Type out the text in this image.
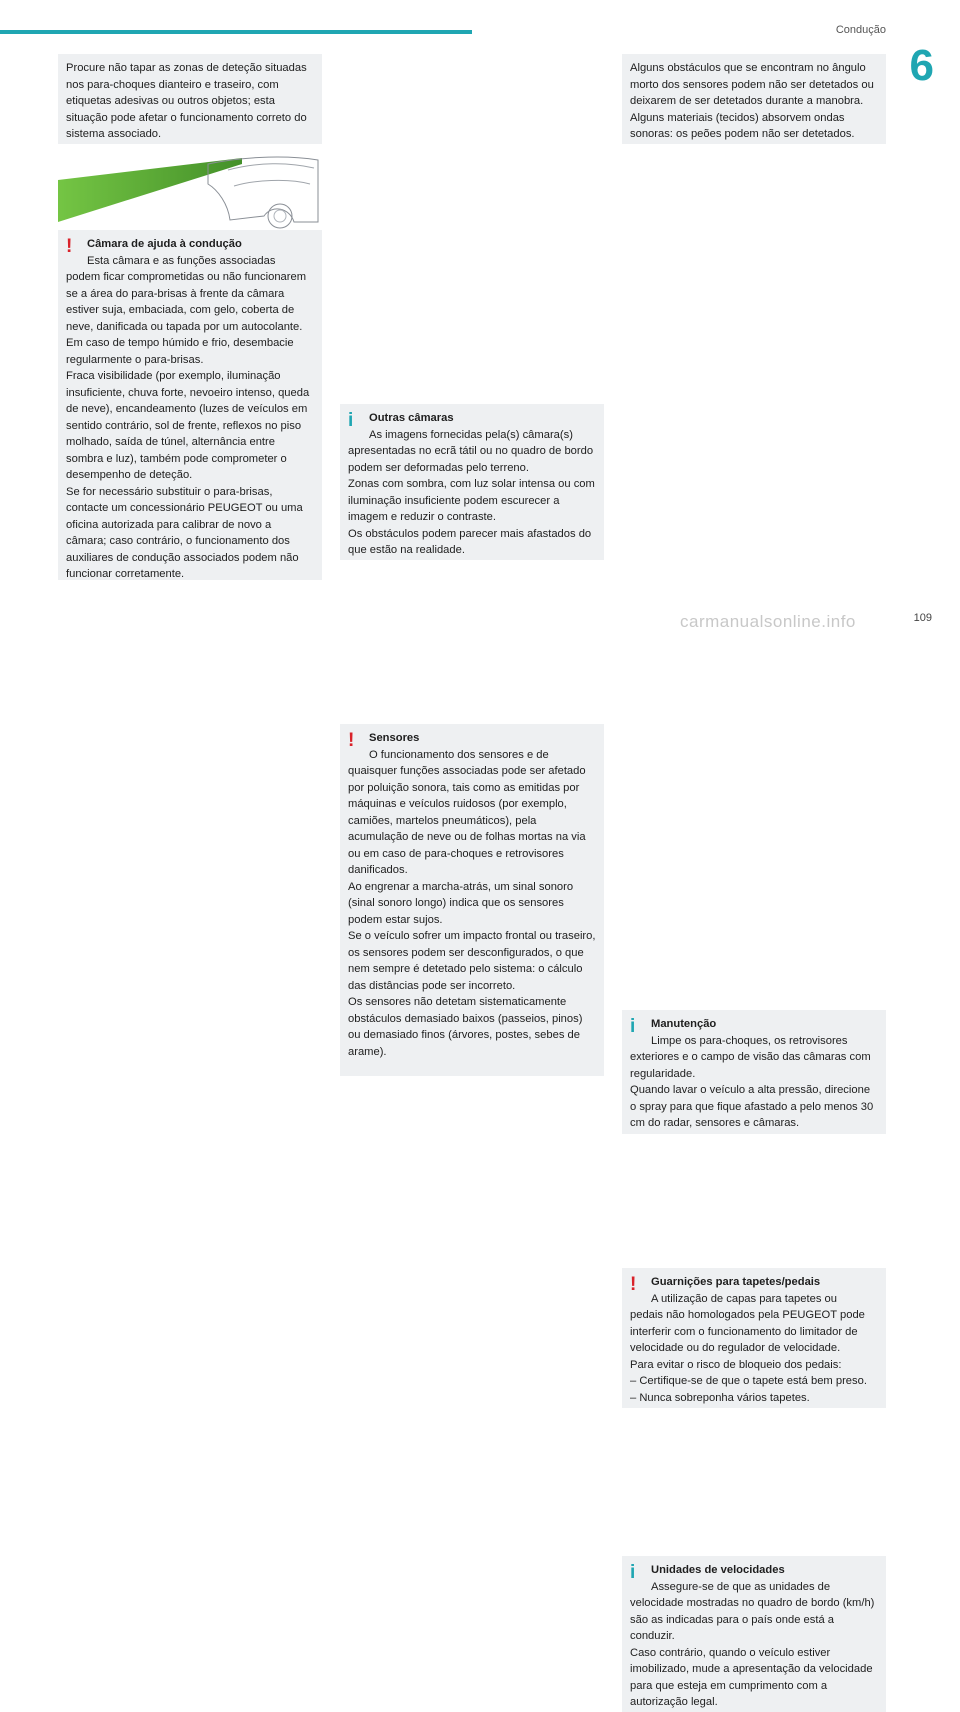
Condução
6

Procure não tapar as zonas de deteção situadas nos para-choques dianteiro e traseiro, com etiquetas adesivas ou outros objetos; esta situação pode afetar o funcionamento correto do sistema associado.

! Câmara de ajuda à condução

Esta câmara e as funções associadas

podem ficar comprometidas ou não funcionarem se a área do para-brisas à frente da câmara estiver suja, embaciada, com gelo, coberta de neve, danificada ou tapada por um autocolante.

Em caso de tempo húmido e frio, desembacie regularmente o para-brisas.

Fraca visibilidade (por exemplo, iluminação insuficiente, chuva forte, nevoeiro intenso, queda de neve), encandeamento (luzes de veículos em sentido contrário, sol de frente, reflexos no piso molhado, saída de túnel, alternância entre sombra e luz), também pode comprometer o desempenho de deteção.

Se for necessário substituir o para-brisas, contacte um concessionário PEUGEOT ou uma oficina autorizada para calibrar de novo a câmara; caso contrário, o funcionamento dos auxiliares de condução associados podem não funcionar corretamente.

i Outras câmaras

As imagens fornecidas pela(s) câmara(s)

apresentadas no ecrã tátil ou no quadro de bordo podem ser deformadas pelo terreno.

Zonas com sombra, com luz solar intensa ou com iluminação insuficiente podem escurecer a imagem e reduzir o contraste.

Os obstáculos podem parecer mais afastados do que estão na realidade.

! Sensores

O funcionamento dos sensores e de

quaisquer funções associadas pode ser afetado por poluição sonora, tais como as emitidas por máquinas e veículos ruidosos (por exemplo, camiões, martelos pneumáticos), pela acumulação de neve ou de folhas mortas na via ou em caso de para-choques e retrovisores danificados.

Ao engrenar a marcha-atrás, um sinal sonoro (sinal sonoro longo) indica que os sensores podem estar sujos.

Se o veículo sofrer um impacto frontal ou traseiro, os sensores podem ser desconfigurados, o que nem sempre é detetado pelo sistema: o cálculo das distâncias pode ser incorreto.

Os sensores não detetam sistematicamente obstáculos demasiado baixos (passeios, pinos) ou demasiado finos (árvores, postes, sebes de arame).

Alguns obstáculos que se encontram no ângulo morto dos sensores podem não ser detetados ou deixarem de ser detetados durante a manobra. Alguns materiais (tecidos) absorvem ondas sonoras: os peões podem não ser detetados.

i Manutenção

Limpe os para-choques, os retrovisores

exteriores e o campo de visão das câmaras com regularidade.

Quando lavar o veículo a alta pressão, direcione o spray para que fique afastado a pelo menos 30 cm do radar, sensores e câmaras.

! Guarnições para tapetes/pedais

A utilização de capas para tapetes ou

pedais não homologados pela PEUGEOT pode interferir com o funcionamento do limitador de velocidade ou do regulador de velocidade.

Para evitar o risco de bloqueio dos pedais:

– Certifique-se de que o tapete está bem preso.

– Nunca sobreponha vários tapetes.

i Unidades de velocidades

Assegure-se de que as unidades de

velocidade mostradas no quadro de bordo (km/h) são as indicadas para o país onde está a conduzir.

Caso contrário, quando o veículo estiver imobilizado, mude a apresentação da velocidade para que esteja em cumprimento com a autorização legal.

carmanualsonline.info	109
